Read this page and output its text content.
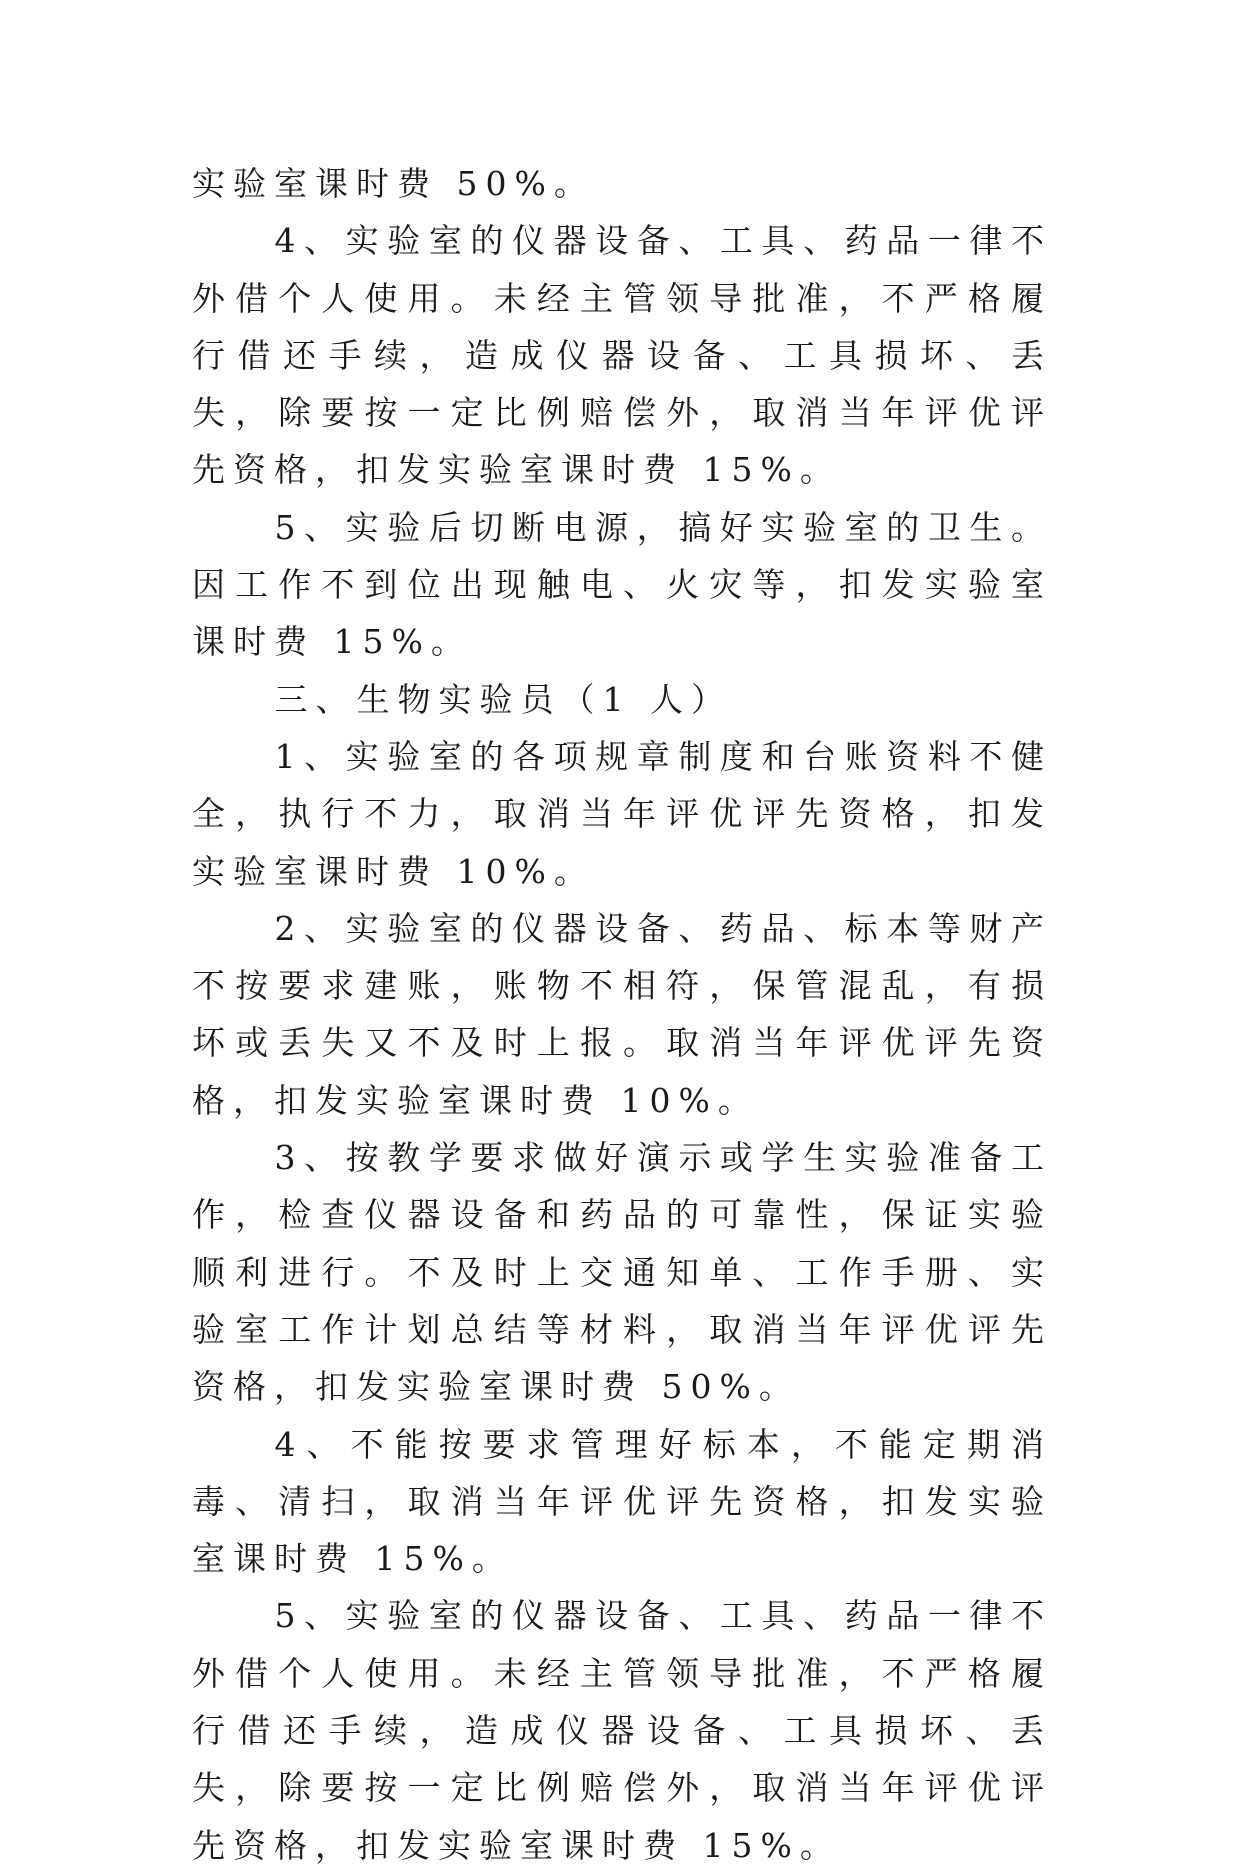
实验室课时费 50%。

4、实验室的仪器设备、工具、药品一律不外借个人使用。未经主管领导批准，不严格履行借还手续，造成仪器设备、工具损坏、丢失，除要按一定比例赔偿外，取消当年评优评先资格，扣发实验室课时费 15%。

5、实验后切断电源，搞好实验室的卫生。因工作不到位出现触电、火灾等，扣发实验室课时费 15%。

三、生物实验员（1 人）

1、实验室的各项规章制度和台账资料不健全，执行不力，取消当年评优评先资格，扣发实验室课时费 10%。

2、实验室的仪器设备、药品、标本等财产不按要求建账，账物不相符，保管混乱，有损坏或丢失又不及时上报。取消当年评优评先资格，扣发实验室课时费 10%。

3、按教学要求做好演示或学生实验准备工作，检查仪器设备和药品的可靠性，保证实验顺利进行。不及时上交通知单、工作手册、实验室工作计划总结等材料，取消当年评优评先资格，扣发实验室课时费 50%。

4、不能按要求管理好标本，不能定期消毒、清扫，取消当年评优评先资格，扣发实验室课时费 15%。

5、实验室的仪器设备、工具、药品一律不外借个人使用。未经主管领导批准，不严格履行借还手续，造成仪器设备、工具损坏、丢失，除要按一定比例赔偿外，取消当年评优评先资格，扣发实验室课时费 15%。
